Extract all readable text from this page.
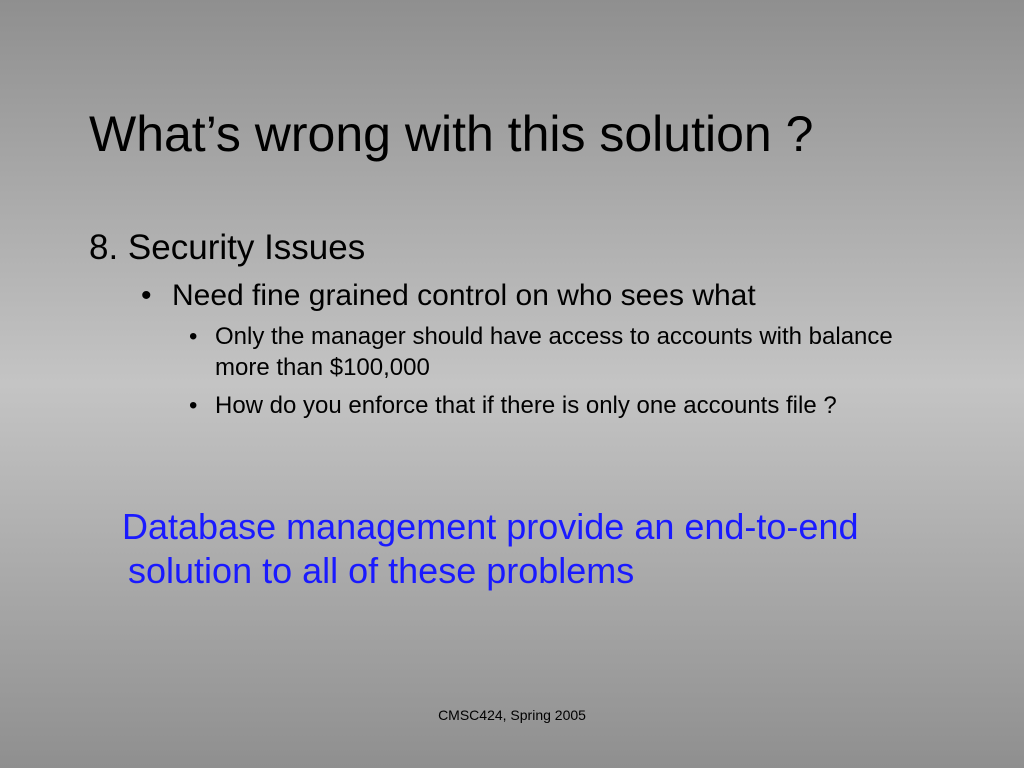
What’s wrong with this solution ?
8. Security Issues
• Need fine grained control on who sees what
• Only the manager should have access to accounts with balance more than $100,000
• How do you enforce that if there is only one accounts file ?
Database management provide an end-to-end
solution to all of these problems
CMSC424, Spring 2005
